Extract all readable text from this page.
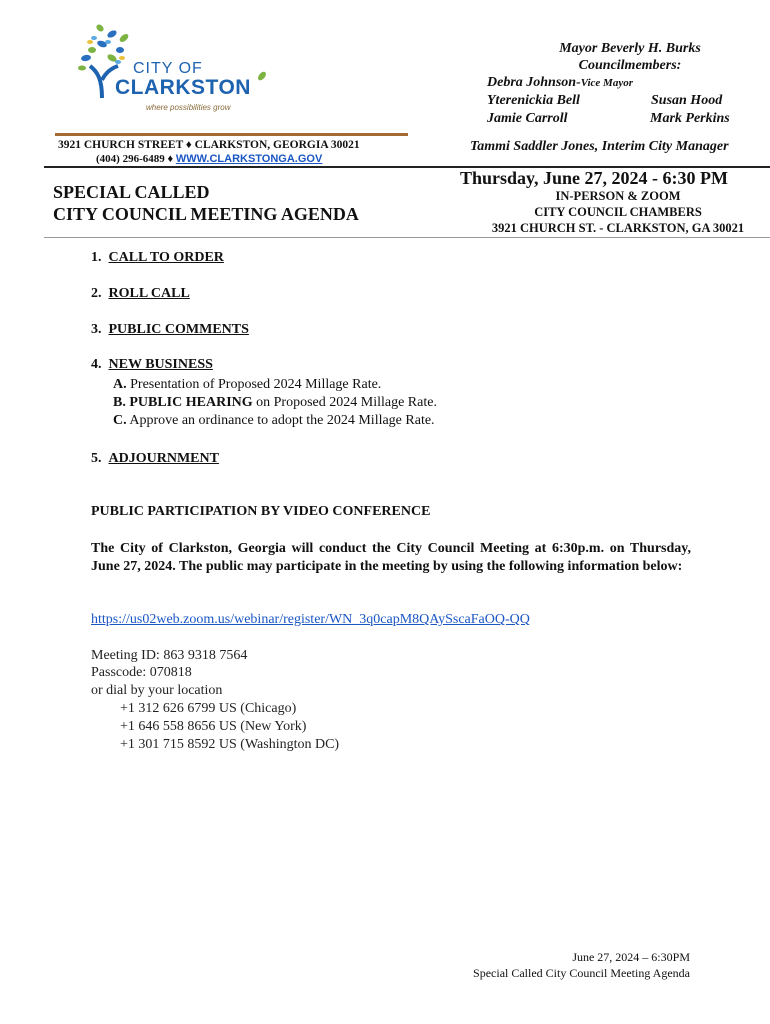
CITY OF
CLARKSTON
where possibilities grow
3921 CHURCH STREET ♦ CLARKSTON, GEORGIA 30021
(404) 296-6489 ♦ WWW.CLARKSTONGA.GOV
Mayor Beverly H. Burks
Councilmembers:
Debra Johnson-Vice Mayor
Yterenickia Bell	Susan Hood
Jamie Carroll	Mark Perkins
Tammi Saddler Jones, Interim City Manager
SPECIAL CALLED
CITY COUNCIL MEETING AGENDA
Thursday, June 27, 2024 - 6:30 PM
IN-PERSON & ZOOM
CITY COUNCIL CHAMBERS
3921 CHURCH ST. - CLARKSTON, GA 30021
1. CALL TO ORDER
2. ROLL CALL
3. PUBLIC COMMENTS
4. NEW BUSINESS
A. Presentation of Proposed 2024 Millage Rate.
B. PUBLIC HEARING on Proposed 2024 Millage Rate.
C. Approve an ordinance to adopt the 2024 Millage Rate.
5. ADJOURNMENT
PUBLIC PARTICIPATION BY VIDEO CONFERENCE
The City of Clarkston, Georgia will conduct the City Council Meeting at 6:30p.m. on Thursday, June 27, 2024. The public may participate in the meeting by using the following information below:
https://us02web.zoom.us/webinar/register/WN_3q0capM8QAySscaFaOQ-QQ
Meeting ID: 863 9318 7564
Passcode: 070818
or dial by your location
+1 312 626 6799 US (Chicago)
+1 646 558 8656 US (New York)
+1 301 715 8592 US (Washington DC)
June 27, 2024 – 6:30PM
Special Called City Council Meeting Agenda
